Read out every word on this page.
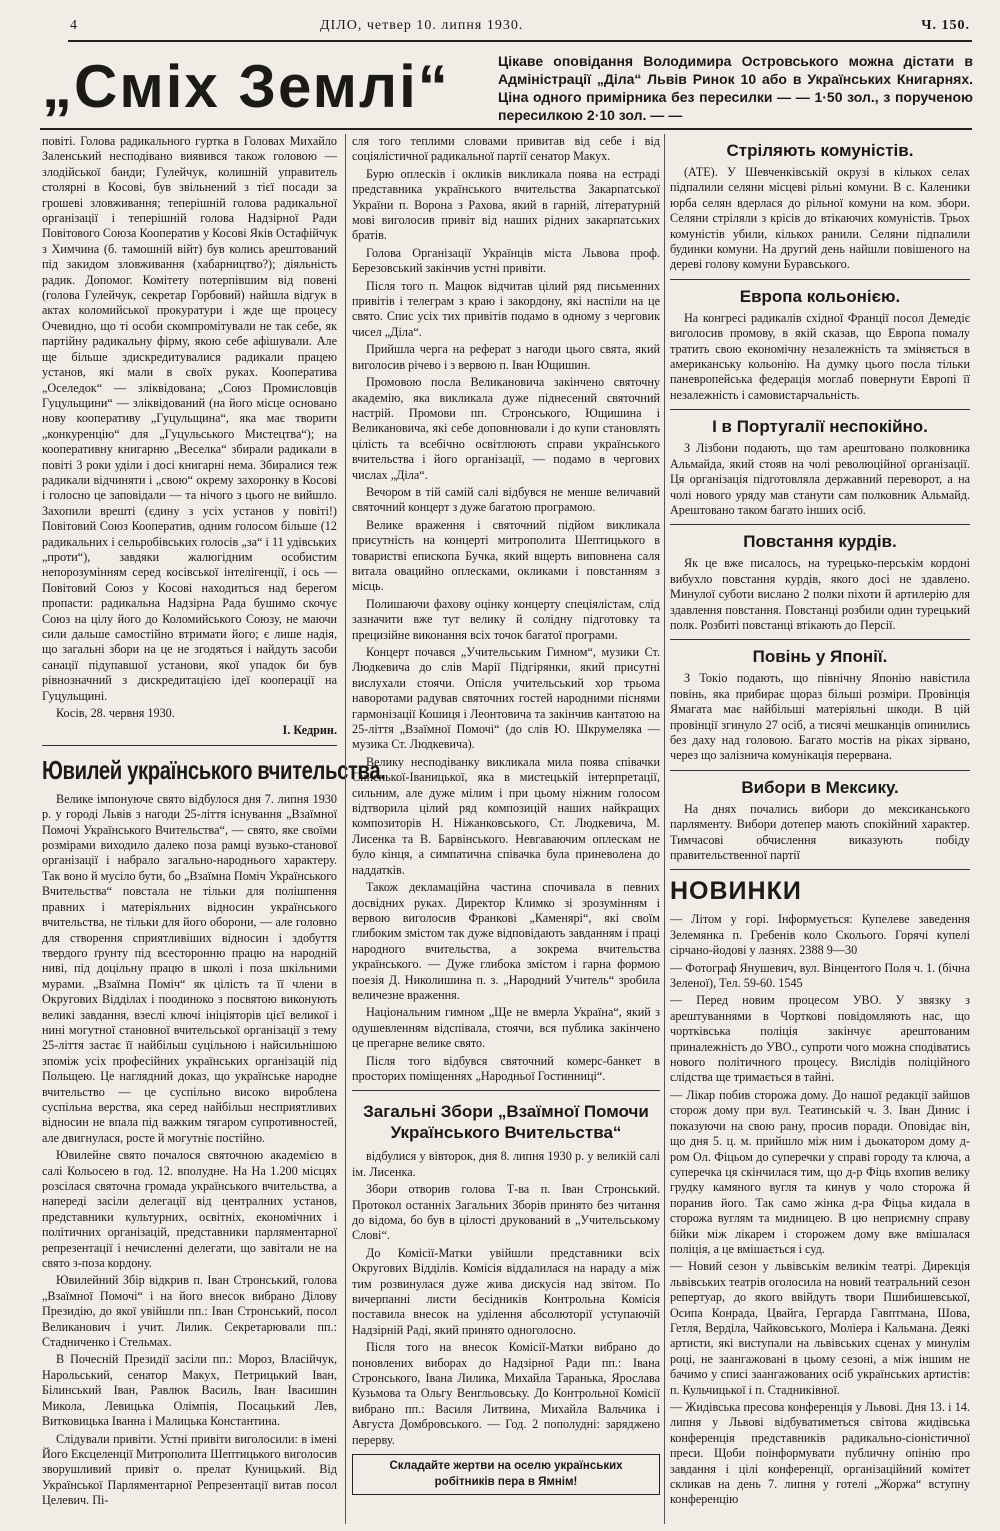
4	ДІЛО, четвер 10. липня 1930.	Ч. 150.
„Сміх Землі“	Цікаве оповідання Володимира Островського можна дістати в Адміністрації „Діла“ Львів Ринок 10 або в Українських Книгарнях. Ціна одного примірника без пересилки — — 1·50 зол., з порученою пересилкою 2·10 зол. — —

повіті. Голова радикального гуртка в Головах Михайло Заленський несподівано виявився також головою — злодійської банди; Гулейчук, колишній управитель столярні в Косові, був звільнений з тієї посади за грошеві зловживання; теперішній голова радикальної організації і теперішній голова Надзірної Ради Повітового Союза Кооператив у Косові Яків Остафійчук з Химчина (б. тамошній війт) був колись арештований під закидом зловживання (хабарництво?); діяльність радик. Допомог. Комітету потерпівшим від повені (голова Гулейчук, секретар Горбовий) найшла відгук в актах коломийської прокуратури і жде ще процесу Очевидно, що ті особи скомпромітували не так себе, як партійну радикальну фірму, якою себе афішували. Але ще більше здискредитувалися радикали працею установ, які мали в своїх руках. Кооператива „Оселедок“ — зліквідована; „Союз Промисловців Гуцульщини“ — зліквідований (на його місце основано нову кооперативу „Гуцульщина“, яка має творити „конкуренцію“ для „Гуцульського Мистецтва“); на кооперативну книгарню „Веселка“ збирали радикали в повіті 3 роки уділи і досі книгарні нема. Збиралися теж радикали відчиняти і „свою“ окрему захоронку в Косові і голосно це заповідали — та нічого з цього не вийшло. Захопили врешті (єдину з усіх установ у повіті!) Повітовий Союз Кооператив, одним голосом більше (12 радикальних і сельробівських голосів „за“ і 11 удівських „проти“), завдяки жалюгідним особистим непорозумінням серед косівської інтелігенції, і ось — Повітовий Союз у Косові находиться над берегом пропасти: радикальна Надзірна Рада бушимо скочує Союз на цілу його до Коломийського Союзу, не маючи сили дальше самостійно втримати його; є лише надія, що загальні збори на це не згодяться і найдуть засоби санації підупавшої установи, якої упадок би був рівнозначний з дискредитацією ідеї кооперації на Гуцульщині.

Косів, 28. червня 1930.

І. Кедрин.
Ювилей українського вчительства.

Велике імпонуюче свято відбулося дня 7. липня 1930 р. у городі Львів з нагоди 25-ліття існування „Взаїмної Помочі Українського Вчительства“, — свято, яке своїми розмірами виходило далеко поза рамці вузько-станової організації і набрало загально-народнього характеру. Так воно й мусіло бути, бо „Взаїмна Поміч Українського Вчительства“ повстала не тільки для полішпення правних і матеріяльних відносин українського вчительства, не тільки для його оборони, — але головно для створення сприятливіших відносин і здобуття твердого ґрунту під всесторонню працю на народній ниві, під доцільну працю в школі і поза шкільними мурами. „Взаїмна Поміч“ як цілість та її члени в Округових Відділах і поодиноко з посвятою виконують великі завдання, взеслі ключі ініціяторів цієї великої і нині могутної становної вчительської організації з тему 25-ліття застає її найбільш суцільною і найсильнішою зпоміж усіх професійних українських організацій під Польщею. Це наглядний доказ, що українське народне вчительство — це суспільно високо вироблена суспільна верства, яка серед найбільш несприятливих відносин не впала під важким тягаром супротивностей, але двигнулася, росте й могутніє постійно.

Ювилейне свято почалося святочною академією в салі Кольосею в год. 12. вполудне. На На 1.200 місцях розсілася святочна громада українського вчительства, а напереді засіли делегації від централних установ, представники культурних, освітніх, економічних і політичних організацій, представники парляментарної репрезентації і нечисленні делегати, що завітали не на свято з-поза кордону.

Ювилейний Збір відкрив п. Іван Стронський, голова „Взаїмної Помочі“ і на його внесок вибрано Ділову Президію, до якої увійшли пп.: Іван Стронський, посол Великанович і учит. Лилик. Секретарювали пп.: Стадниченко і Стельмах.

В Почесній Президії засіли пп.: Мороз, Власійчук, Нарольський, сенатор Макух, Петрицький Іван, Білинський Іван, Равлюк Василь, Іван Івасишин Микола, Левицька Олімпія, Посацький Лев, Витковицька Іванна і Малицька Константина.

Слідували привіти. Устні привіти виголосили: в імені Його Ексцеленції Митрополита Шептицького виголосив зворушливий привіт о. прелат Куницький. Від Української Парляментарної Репрезентації витав посол Целевич. Пі-

сля того теплими словами привитав від себе і від соціялістичної радикальної партії сенатор Макух.

Бурю оплесків і окликів викликала поява на естраді представника українського вчительства Закарпатської України п. Ворона з Рахова, який в гарній, літературній мові виголосив привіт від наших рідних закарпатських братів.

Голова Організації Українців міста Львова проф. Березовський закінчив устні привіти.

Після того п. Мацюк відчитав цілий ряд письменних привітів і телеграм з краю і закордону, які наспіли на це свято. Спис усіх тих привітів подамо в одному з черговик чисел „Діла“.

Прийшла черга на реферат з нагоди цього свята, який виголосив річево і з вервою п. Іван Ющишин.

Промовою посла Великановича закінчено святочну академію, яка викликала дуже піднесений святочний настрій. Промови пп. Стронського, Ющишина і Великановича, які себе доповнювали і до купи становлять цілість та всебічно освітлюють справи українського вчительства і його організації, — подамо в чергових числах „Діла“.

Вечором в тій самій салі відбувся не менше величавий святочний концерт з дуже багатою програмою.

Велике враження і святочний підйом викликала присутність на концерті митрополита Шептицького в товаристві епископа Бучка, який вщерть виповнена саля витала овацийно оплесками, окликами і повстанням з місць.

Полишаючи фахову оцінку концерту спеціялістам, слід зазначити вже тут велику й солідну підготовку та прецизійне виконання всіх точок багатої програми.

Концерт почався „Учительським Гимном“, музики Ст. Людкевича до слів Марії Підгірянки, який присутні вислухали стоячи. Опісля учительський хор трьома наворотами радував святочних гостей народними піснями гармонізації Кошиця і Леонтовича та закінчив кантатою на 25-ліття „Взаїмної Помочі“ (до слів Ю. Шкрумеляка — музика Ст. Людкевича).

Велику несподіванку викликала мила поява співачки Синенької-Іваницької, яка в мистецькій інтерпретації, сильним, але дуже мілим і при цьому ніжним голосом відтворила цілий ряд композицій наших найкращих композиторів Н. Ніжанковського, Ст. Людкевича, М. Лисенка та В. Барвінського. Невгаваючим оплескам не було кінця, а симпатична співачка була приневолена до наддатків.

Також декламаційна частина спочивала в певних досвідних руках. Директор Климко зі зрозумінням і вервою виголосив Франкові „Каменярі“, які своїм глибоким змістом так дуже відповідають завданням і праці народного вчительства, а зокрема вчительства українського. — Дуже глибока змістом і гарна формою поезія Д. Николишина п. з. „Народний Учитель“ зробила величезне враження.

Національним гимном „Ще не вмерла Україна“, який з одушевленням відспівала, стоячи, вся публика закінчено це прегарне велике свято.

Після того відбувся святочний комерс-банкет в просторих поміщеннях „Народньої Гостинниці“.

Загальні Збори „Взаїмної Помочи Українського Вчительства“

відбулися у вівторок, дня 8. липня 1930 р. у великій салі ім. Лисенка.

Збори отворив голова Т-ва п. Іван Стронський. Протокол останніх Загальних Зборів принято без читання до відома, бо був в цілості друкований в „Учительському Слові“.

До Комісії-Матки увійшли представники всіх Округових Відділів. Комісія віддалилася на нараду а між тим розвинулася дуже жива дискусія над звітом. По вичерпанні листи бесідників Контрольна Комісія поставила внесок на уділення абсолюторії уступаючій Надзірній Раді, який принято одноголосно.

Після того на внесок Комісії-Матки вибрано до поновлених виборах до Надзірної Ради пп.: Івана Стронського, Івана Лилика, Михайла Таранька, Ярослава Кузьмова та Ольгу Венгльовську. До Контрольної Комісії вибрано пп.: Василя Литвина, Михайла Вальчика і Августа Домбровського. — Год. 2 пополудні: заряджено перерву.

Складайте жертви на оселю українських робітників пера в Ямнім!
Стріляють комуністів.

(АТЕ). У Шевченківській окрузі в кількох селах підпалили селяни місцеві рільні комуни. В с. Каленики юрба селян вдерлася до рільної комуни на ком. збори. Селяни стріляли з крісів до втікаючих комуністів. Трьох комуністів убили, кількох ранили. Селяни підпалили будинки комуни. На другий день найшли повішеного на дереві голову комуни Буравського.

Европа кольонією.

На конгресі радикалів східної Франції посол Демедіє виголосив промову, в якій сказав, що Европа помалу тратить свою економічну незалежність та зміняється в американську кольонію. На думку цього посла тільки паневропейська федерація моглаб повернути Европі її незалежність і самовистарчальність.

І в Португалії неспокійно.

З Лізбони подають, що там арештовано полковника Альмайда, який стояв на чолі революційної організації. Ця організація підготовляла державний переворот, а на чолі нового уряду мав станути сам полковник Альмайд. Арештовано таком багато інших осіб.

Повстання курдів.

Як це вже писалось, на турецько-перськім кордоні вибухло повстання курдів, якого досі не здавлено. Минулої суботи висланo 2 полки піхоти й артилерію для здавлення повстання. Повстанці розбили один турецький полк. Розбиті повстанці втікають до Персії.

Повінь у Японії.

З Токіо подають, що північну Японію навістила повінь, яка прибирає щораз більші розміри. Провінція Ямагата має найбільші матеріяльні шкоди. В цій провінції згинуло 27 осіб, а тисячі мешканців опинились без даху над головою. Багато мостів на ріках зірвано, через що залізнича комунікація перервана.

Вибори в Мексику.

На днях почались вибори до мексиканського парляменту. Вибори дотепер мають спокійний характер. Тимчасові обчислення виказують побіду правительственної партії

НОВИНКИ

— Літом у горі. Інформується: Купелеве заведення Зелемянка п. Гребенів коло Сколього. Горячі купелі сірчано-йодові у лазнях. 2388 9—30

— Фотограф Янушевич, вул. Вінцентого Поля ч. 1. (бічна Зеленої), Тел. 59-60. 1545

— Перед новим процесом УВО. У звязку з арештуваннями в Чорткові повідомляють нас, що чортківська поліція закінчує арештованим приналежність до УВО., супроти чого можна сподіватись нового політичного процесу. Вислідів поліційного слідства ще тримається в тайні.

— Лікар побив сторожа дому. До нашої редакції зайшов сторож дому при вул. Театинській ч. 3. Іван Динис і показуючи на свою рану, просив поради. Оповідає він, що дня 5. ц. м. прийшло між ним і дьокатором дому д-ром Ол. Фіцьом до суперечки у справі городу та ключа, а суперечка ця скінчилася тим, що д-р Фіць вхопив велику грудку камяного вугля та кинув у чоло сторожа й поранив його. Так само жінка д-ра Фіцьа кидала в сторожа вуглям та мидницею. В цю неприємну справу бійки між лікарем і сторожем дому вже вмішалася поліція, а це вмішається і суд.

— Новий сезон у львівськім великім театрі. Дирекція львівських театрів оголосила на новий театральний сезон репертуар, до якого ввійдуть твори Пшибишевської, Осипа Конрада, Цвайга, Гергарда Гавптмана, Шова, Гетля, Верділа, Чайковського, Моліера і Кальмана. Деякі артисти, які виступали на львівських сценах у минулім році, не заангажовані в цьому сезоні, а між іншим не бачимо у списі заангажованих осіб українських артистів: п. Кульчицької і п. Стадниківної.

— Жидівська пресова конференція у Львові. Дня 13. і 14. липня у Львові відбуватиметься світова жидівська конференція представників радикально-сіоністичної преси. Щоби поінформувати публичну опінію про завдання і цілі конференції, організаційний комітет скликав на день 7. липня у готелі „Жоржа“ вступну конференцію
